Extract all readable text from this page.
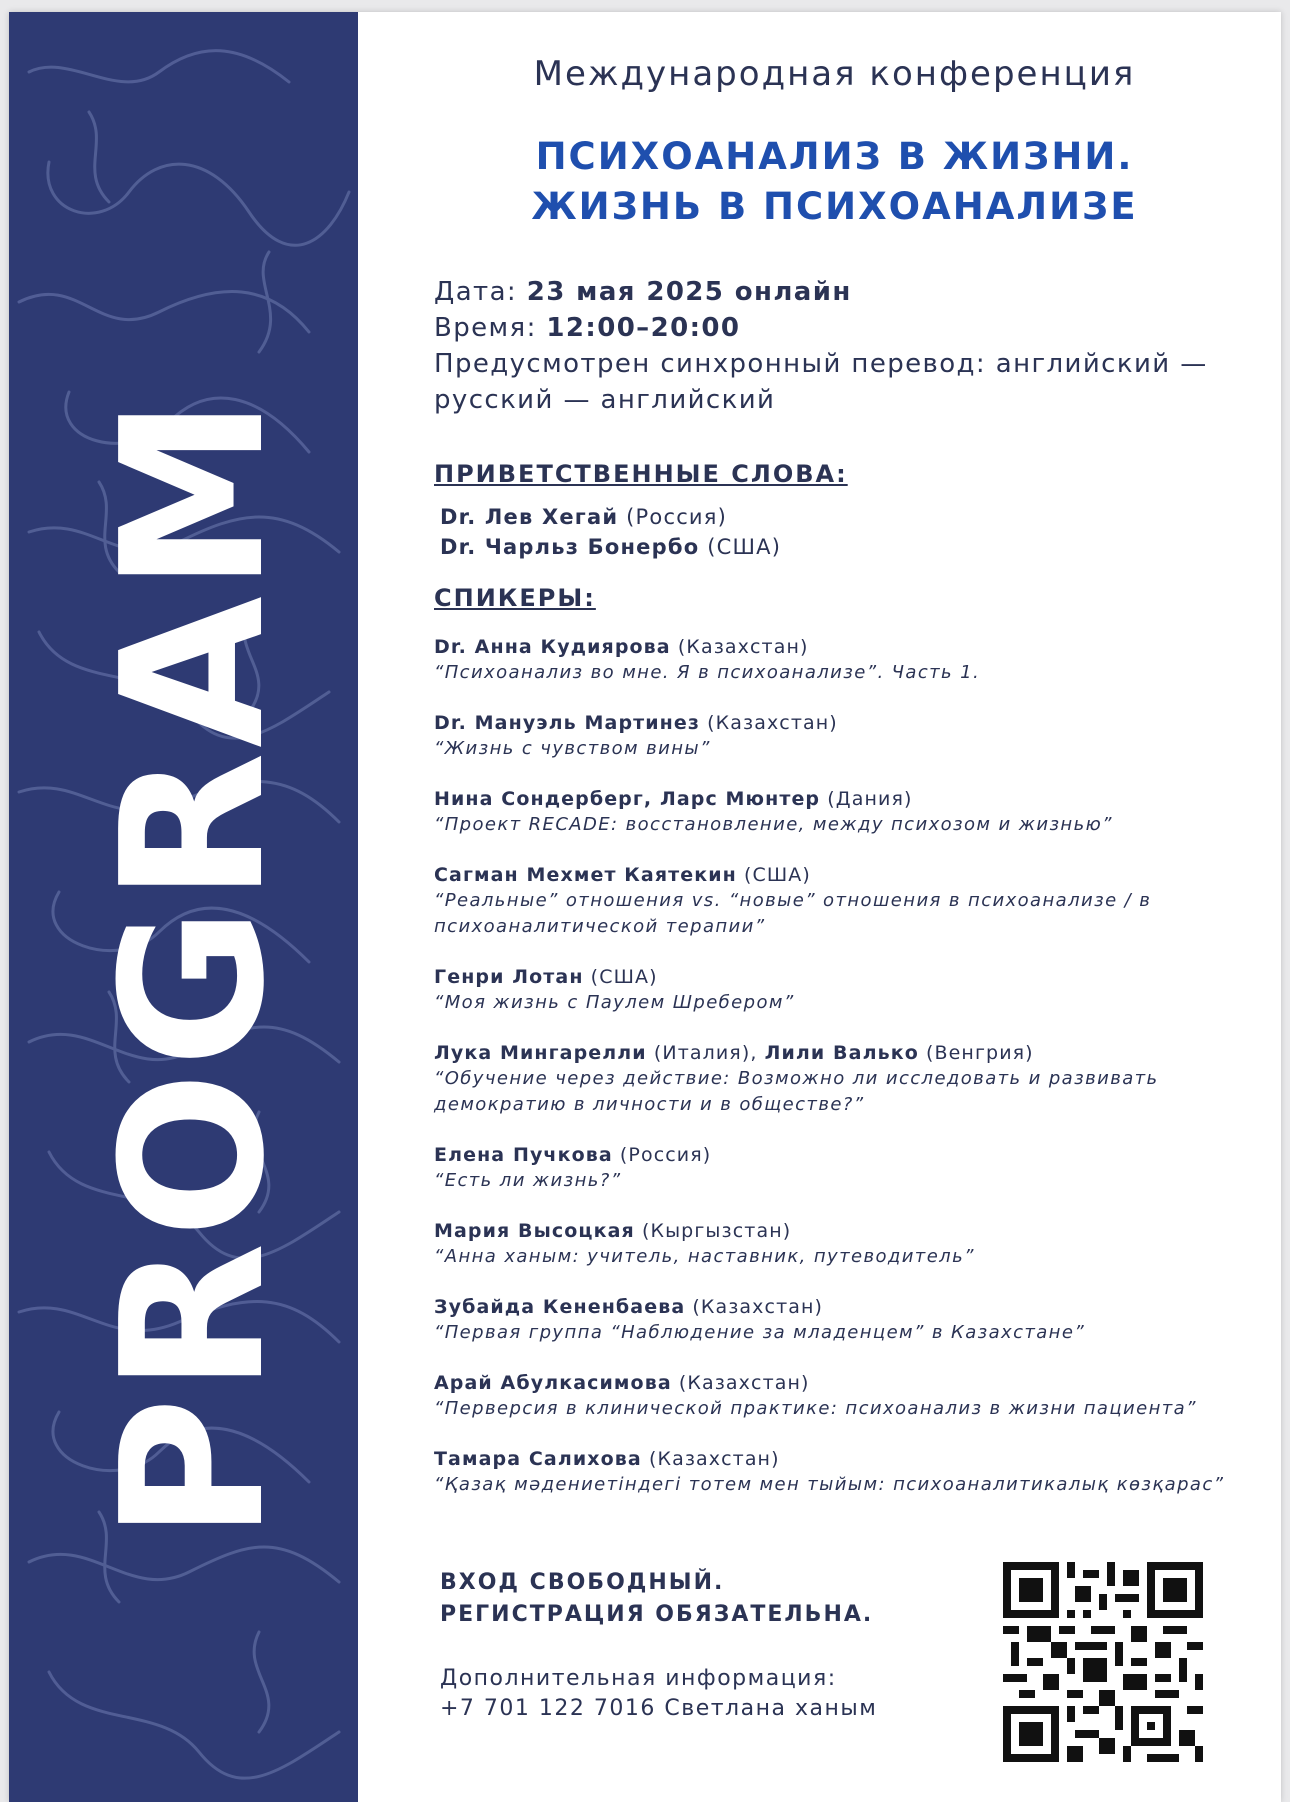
PROGRAM
Международная конференция
ПСИХОАНАЛИЗ В ЖИЗНИ.
ЖИЗНЬ В ПСИХОАНАЛИЗЕ
Дата: 23 мая 2025 онлайн
Время: 12:00–20:00
Предусмотрен синхронный перевод: английский — русский — английский
ПРИВЕТСТВЕННЫЕ СЛОВА:
Dr. Лев Хегай (Россия)
Dr. Чарльз Бонербо (США)
СПИКЕРЫ:
Dr. Анна Кудиярова (Казахстан)
“Психоанализ во мне. Я в психоанализе”. Часть 1.
Dr. Мануэль Мартинез (Казахстан)
“Жизнь с чувством вины”
Нина Сондерберг, Ларс Мюнтер (Дания)
“Проект RECADE: восстановление, между психозом и жизнью”
Сагман Мехмет Каятекин (США)
“Реальные” отношения vs. “новые” отношения в психоанализе / в психоаналитической терапии”
Генри Лотан (США)
“Моя жизнь с Паулем Шребером”
Лука Мингарелли (Италия), Лили Валько (Венгрия)
“Обучение через действие: Возможно ли исследовать и развивать демократию в личности и в обществе?”
Елена Пучкова (Россия)
“Есть ли жизнь?”
Мария Высоцкая (Кыргызстан)
“Анна ханым: учитель, наставник, путеводитель”
Зубайда Кененбаева (Казахстан)
“Первая группа “Наблюдение за младенцем” в Казахстане”
Арай Абулкасимова (Казахстан)
“Перверсия в клинической практике: психоанализ в жизни пациента”
Тамара Салихова (Казахстан)
“Қазақ мәдениетіндегі тотем мен тыйым: психоаналитикалық көзқарас”
ВХОД СВОБОДНЫЙ.
РЕГИСТРАЦИЯ ОБЯЗАТЕЛЬНА.
Дополнительная информация:
+7 701 122 7016 Светлана ханым
